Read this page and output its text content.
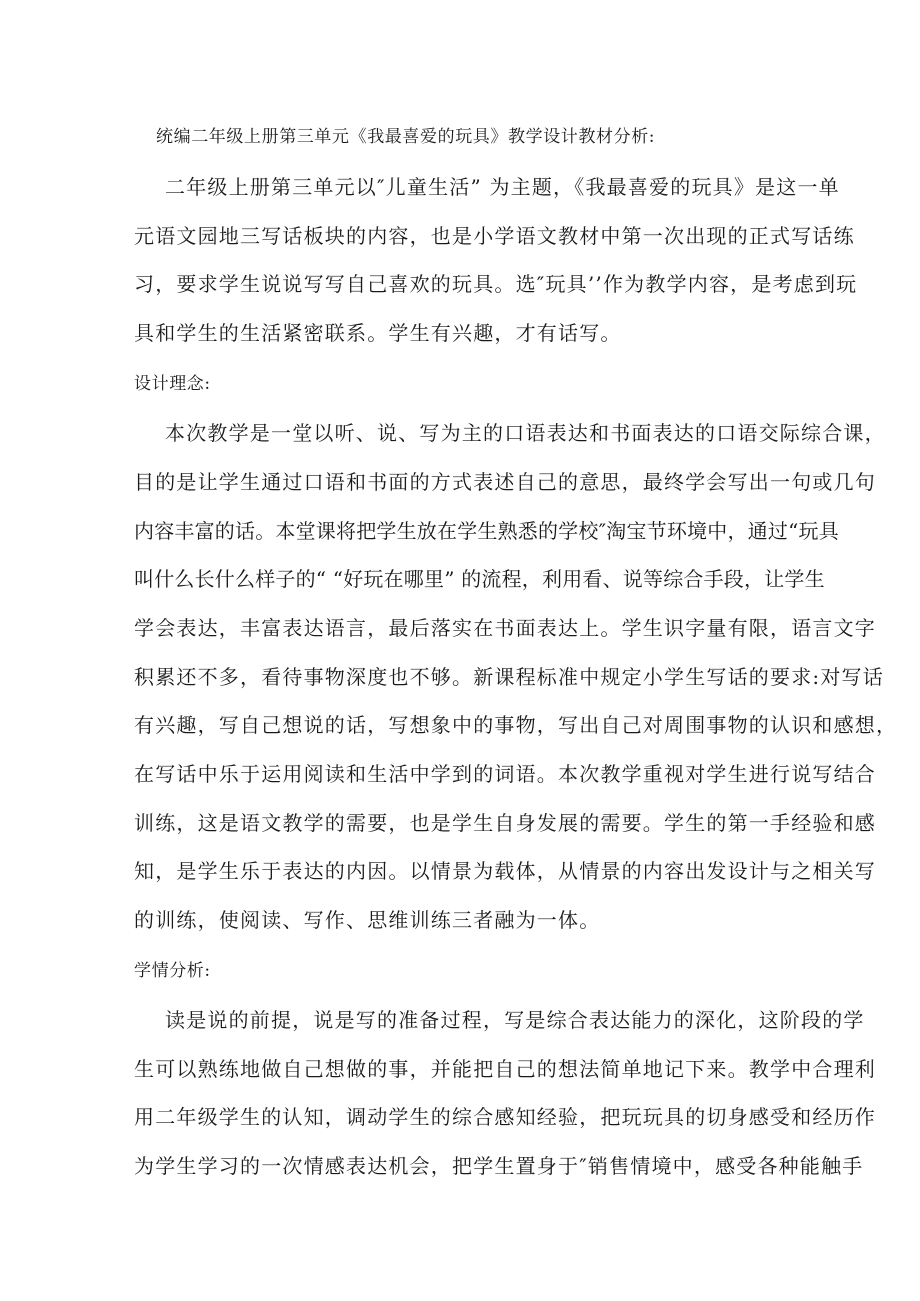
统编二年级上册第三单元《我最喜爱的玩具》教学设计教材分析:
二年级上册第三单元以″儿童生活” 为主题，《我最喜爱的玩具》是这一单
元语文园地三写话板块的内容，也是小学语文教材中第一次出现的正式写话练
习，要求学生说说写写自己喜欢的玩具。选″玩具’’作为教学内容，是考虑到玩
具和学生的生活紧密联系。学生有兴趣，才有话写。
设计理念:
本次教学是一堂以听、说、写为主的口语表达和书面表达的口语交际综合课，
目的是让学生通过口语和书面的方式表述自己的意思，最终学会写出一句或几句
内容丰富的话。本堂课将把学生放在学生熟悉的学校″淘宝节环境中，通过“玩具
叫什么长什么样子的“ “好玩在哪里” 的流程，利用看、说等综合手段，让学生
学会表达，丰富表达语言，最后落实在书面表达上。学生识字量有限，语言文字
积累还不多，看待事物深度也不够。新课程标准中规定小学生写话的要求:对写话
有兴趣，写自己想说的话，写想象中的事物，写出自己对周围事物的认识和感想，
在写话中乐于运用阅读和生活中学到的词语。本次教学重视对学生进行说写结合
训练，这是语文教学的需要，也是学生自身发展的需要。学生的第一手经验和感
知，是学生乐于表达的内因。以情景为载体，从情景的内容出发设计与之相关写
的训练，使阅读、写作、思维训练三者融为一体。
学情分析:
读是说的前提，说是写的准备过程，写是综合表达能力的深化，这阶段的学
生可以熟练地做自己想做的事，并能把自己的想法简单地记下来。教学中合理利
用二年级学生的认知，调动学生的综合感知经验，把玩玩具的切身感受和经历作
为学生学习的一次情感表达机会，把学生置身于″销售情境中，感受各种能触手
